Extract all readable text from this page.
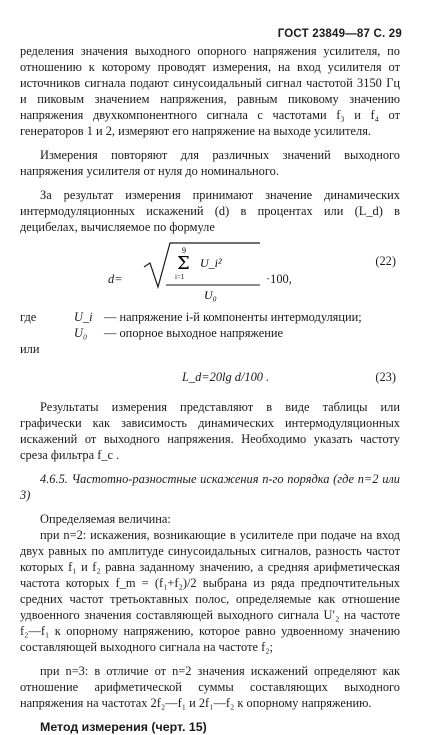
ГОСТ 23849—87 С. 29

ределения значения выходного опорного напряжения усилителя, по отношению к которому проводят измерения, на вход усилителя от источников сигнала подают синусоидальный сигнал частотой 3150 Гц и пиковым значением напряжения, равным пиковому значению напряжения двухкомпонентного сигнала с частотами f₃ и f₄ от генераторов 1 и 2, измеряют его напряжение на выходе усилителя.

Измерения повторяют для различных значений выходного напряжения усилителя от нуля до номинального.

За результат измерения принимают значение динамических интермодуляционных искажений (d) в процентах или (L_d) в децибелах, вычисляемое по формуле

d=
9
Σ
i=1
U_i²
U₀
·100,
(22)
где	U_i — напряжение i-й компоненты интермодуляции;
U₀	— опорное выходное напряжение
или
L_d=20lg d/100 .	(23)

Результаты измерения представляют в виде таблицы или графически как зависимость динамических интермодуляционных искажений от выходного напряжения. Необходимо указать частоту среза фильтра f_c .

4.6.5. Частотно-разностные искажения n-го порядка (где n=2 или 3)

Определяемая величина:

при n=2: искажения, возникающие в усилителе при подаче на вход двух равных по амплитуде синусоидальных сигналов, разность частот которых f₁ и f₂ равна заданному значению, а средняя арифметическая частота которых f_m = (f₁+f₂)/2 выбрана из ряда предпочтительных средних частот третьоктавных полос, определяемые как отношение удвоенного значения составляющей выходного сигнала U′₂ на частоте f₂—f₁ к опорному напряжению, которое равно удвоенному значению составляющей выходного сигнала на частоте f₂;

при n=3: в отличие от n=2 значения искажений определяют как отношение арифметической суммы составляющих выходного напряжения на частотах 2f₂—f₁ и 2f₁—f₂ к опорному напряжению.

Метод измерения (черт. 15)
